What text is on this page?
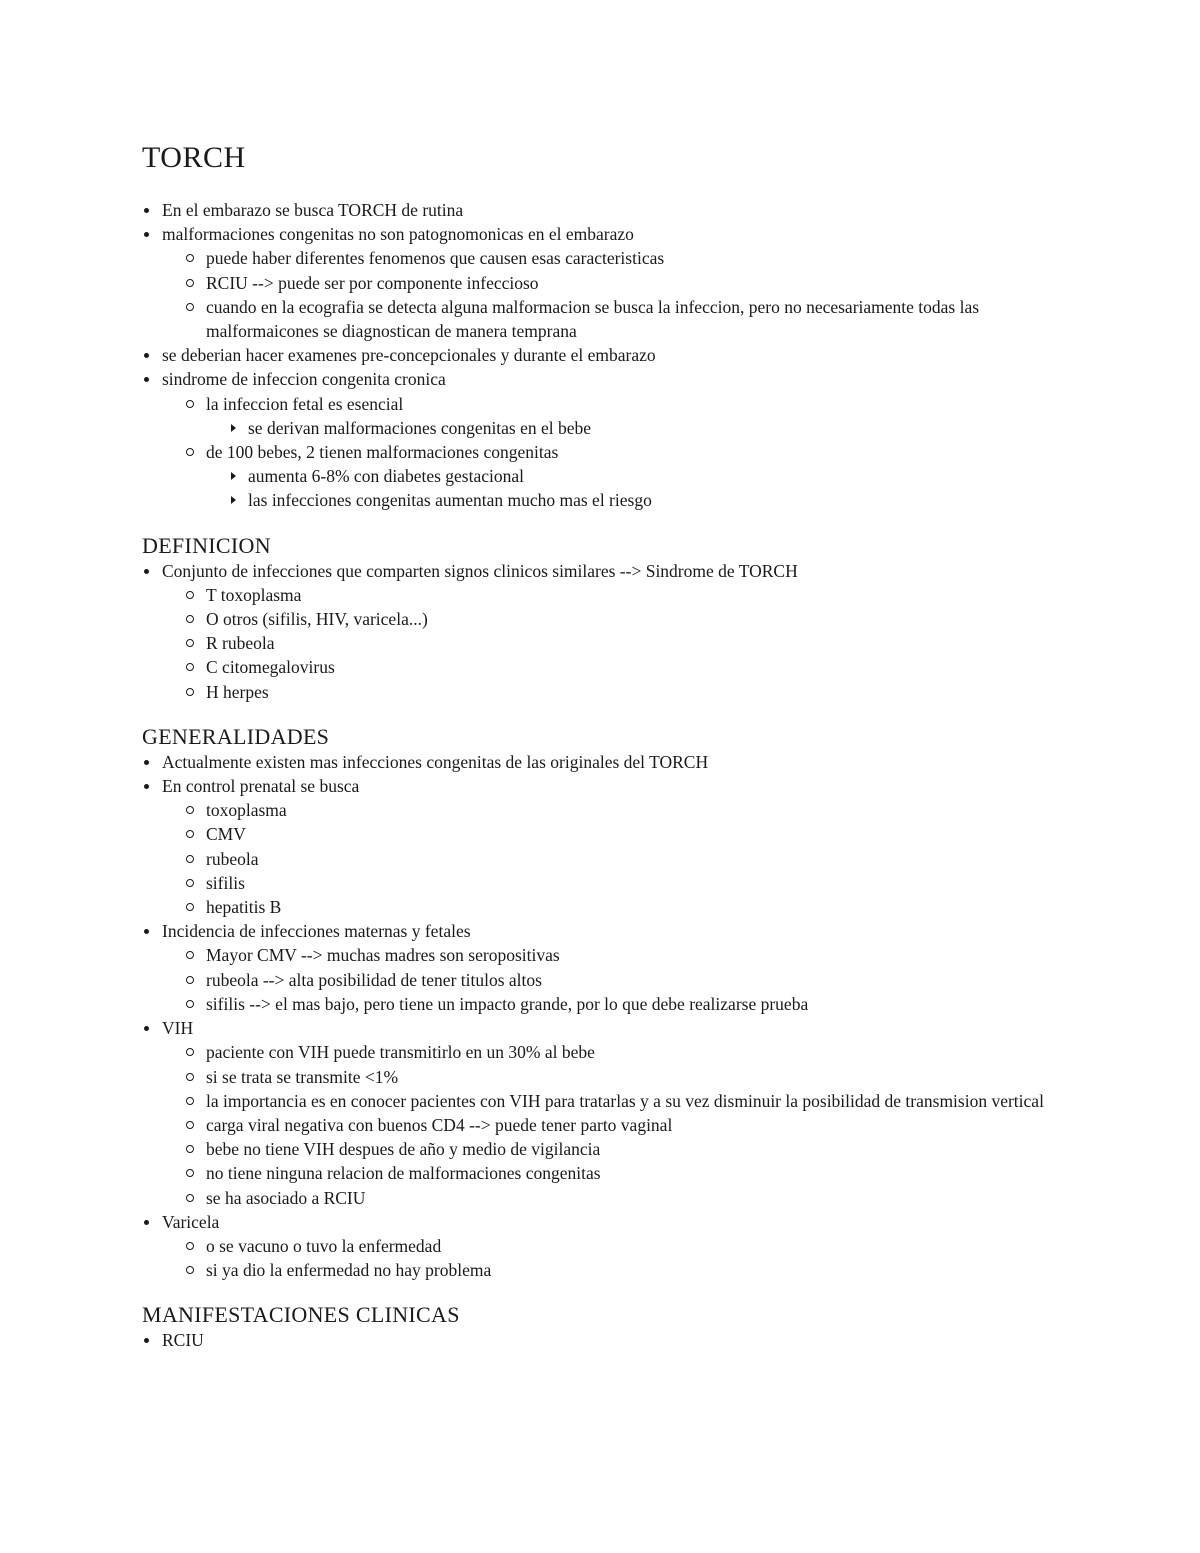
TORCH
En el embarazo se busca TORCH de rutina
malformaciones congenitas no son patognomonicas en el embarazo
puede haber diferentes fenomenos que causen esas caracteristicas
RCIU --> puede ser por componente infeccioso
cuando en la ecografia se detecta alguna malformacion se busca la infeccion, pero no necesariamente todas las malformaicones se diagnostican de manera temprana
se deberian hacer examenes pre-concepcionales y durante el embarazo
sindrome de infeccion congenita cronica
la infeccion fetal es esencial
se derivan malformaciones congenitas en el bebe
de 100 bebes, 2 tienen malformaciones congenitas
aumenta 6-8% con diabetes gestacional
las infecciones congenitas aumentan mucho mas el riesgo
DEFINICION
Conjunto de infecciones que comparten signos clinicos similares --> Sindrome de TORCH
T toxoplasma
O otros (sifilis, HIV, varicela...)
R rubeola
C citomegalovirus
H herpes
GENERALIDADES
Actualmente existen mas infecciones congenitas de las originales del TORCH
En control prenatal se busca
toxoplasma
CMV
rubeola
sifilis
hepatitis B
Incidencia de infecciones maternas y fetales
Mayor CMV --> muchas madres son seropositivas
rubeola --> alta posibilidad de tener titulos altos
sifilis --> el mas bajo, pero tiene un impacto grande, por lo que debe realizarse prueba
VIH
paciente con VIH puede transmitirlo en un 30% al bebe
si se trata se transmite <1%
la importancia es en conocer pacientes con VIH para tratarlas y a su vez disminuir la posibilidad de transmision vertical
carga viral negativa con buenos CD4 --> puede tener parto vaginal
bebe no tiene VIH despues de año y medio de vigilancia
no tiene ninguna relacion de malformaciones congenitas
se ha asociado a RCIU
Varicela
o se vacuno o tuvo la enfermedad
si ya dio la enfermedad no hay problema
MANIFESTACIONES CLINICAS
RCIU
